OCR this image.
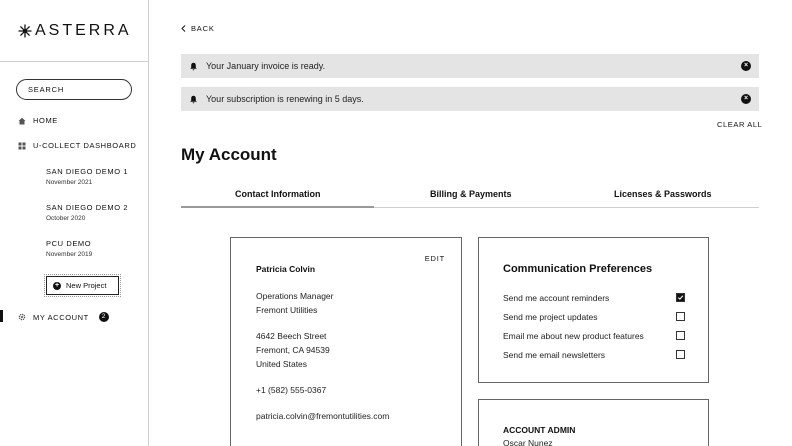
ASTERRA
SEARCH
HOME
U-COLLECT DASHBOARD
SAN DIEGO DEMO 1
November 2021
SAN DIEGO DEMO 2
October 2020
PCU DEMO
November 2019
+ New Project
MY ACCOUNT	2
BACK
Your January invoice is ready.	×
Your subscription is renewing in 5 days.	×
CLEAR ALL
My Account
Contact Information	Billing & Payments	Licenses & Passwords
EDIT
Patricia Colvin
Operations Manager
Fremont Utilities
4642 Beech Street
Fremont, CA 94539
United States
+1 (582) 555-0367
patricia.colvin@fremontutilities.com
Communication Preferences
Send me account reminders
Send me project updates
Email me about new product features
Send me email newsletters
ACCOUNT ADMIN
Oscar Nunez
